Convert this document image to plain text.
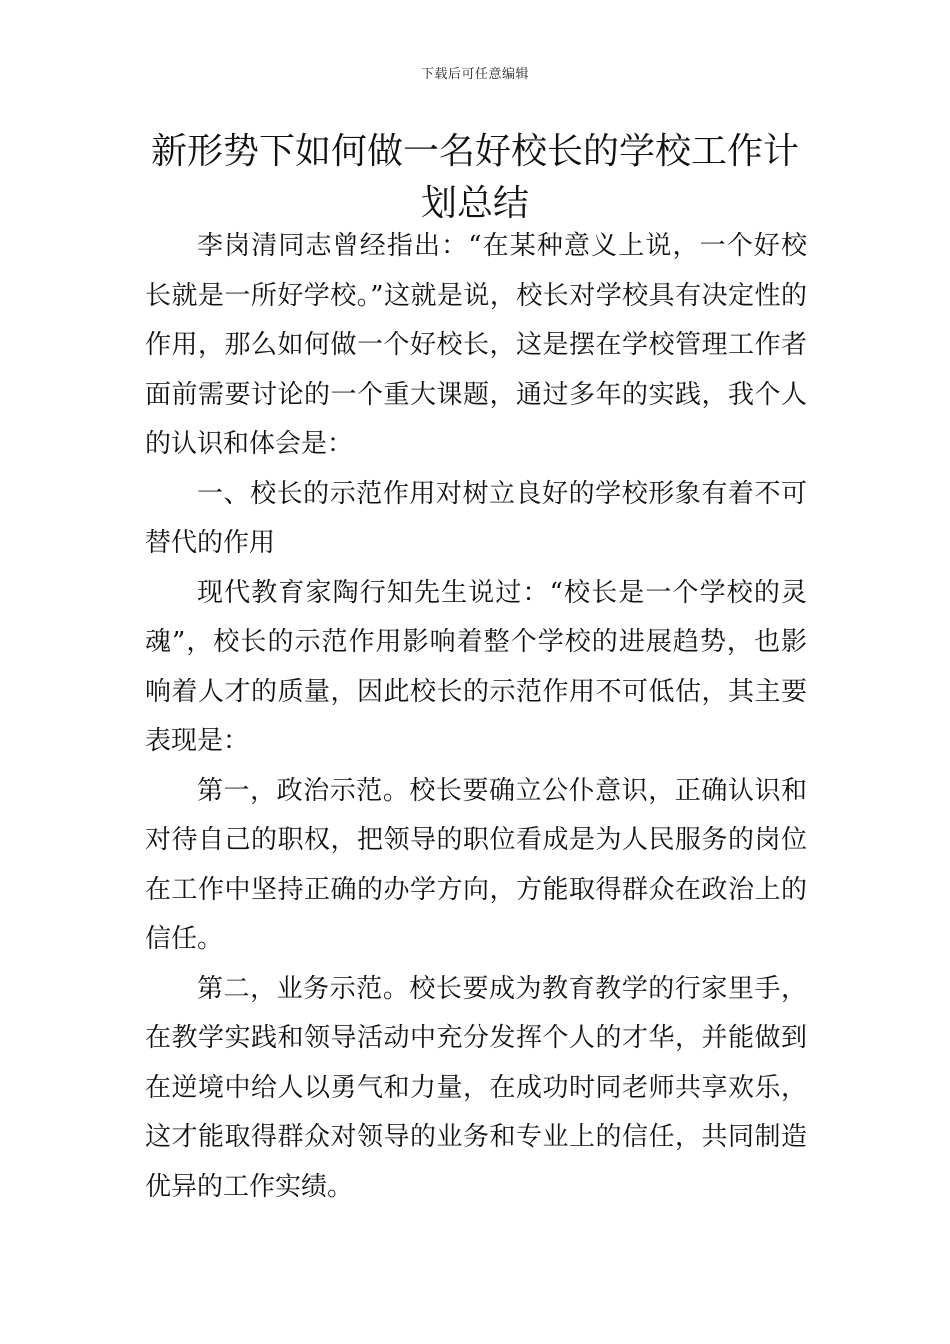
下载后可任意编辑
新形势下如何做一名好校长的学校工作计划总结

李岗清同志曾经指出：“在某种意义上说，一个好校长就是一所好学校。”这就是说，校长对学校具有决定性的作用，那么如何做一个好校长，这是摆在学校管理工作者面前需要讨论的一个重大课题，通过多年的实践，我个人的认识和体会是：

一、校长的示范作用对树立良好的学校形象有着不可替代的作用

现代教育家陶行知先生说过：“校长是一个学校的灵魂”，校长的示范作用影响着整个学校的进展趋势，也影响着人才的质量，因此校长的示范作用不可低估，其主要表现是：

第一，政治示范。校长要确立公仆意识，正确认识和对待自己的职权，把领导的职位看成是为人民服务的岗位在工作中坚持正确的办学方向，方能取得群众在政治上的信任。

第二，业务示范。校长要成为教育教学的行家里手，在教学实践和领导活动中充分发挥个人的才华，并能做到在逆境中给人以勇气和力量，在成功时同老师共享欢乐，这才能取得群众对领导的业务和专业上的信任，共同制造优异的工作实绩。
